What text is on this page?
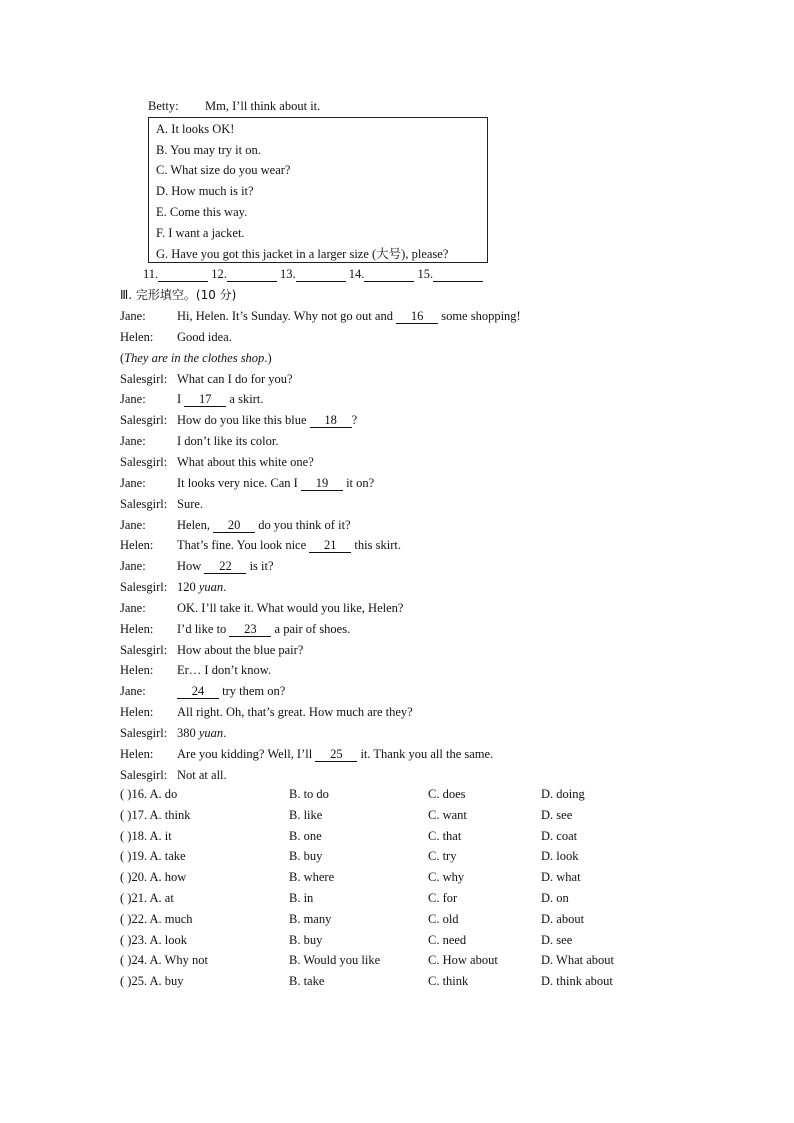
Betty: Mm, I’ll think about it.
A. It looks OK!
B. You may try it on.
C. What size do you wear?
D. How much is it?
E. Come this way.
F. I want a jacket.
G. Have you got this jacket in a larger size (大号), please?
11.	12.	13.	14.	15.
Ⅲ. 完形填空。(10 分)
Jane:	Hi, Helen. It’s Sunday. Why not go out and 16 some shopping!
Helen: Good idea.
(They are in the clothes shop.)
Salesgirl: What can I do for you?
Jane:	I 17 a skirt.
Salesgirl: How do you like this blue 18 ?
Jane:	I don’t like its color.
Salesgirl: What about this white one?
Jane:	It looks very nice. Can I 19 it on?
Salesgirl: Sure.
Jane:	Helen, 20 do you think of it?
Helen: That’s fine. You look nice 21 this skirt.
Jane:	How 22 is it?
Salesgirl: 120 yuan.
Jane:	OK. I’ll take it. What would you like, Helen?
Helen: I’d like to 23 a pair of shoes.
Salesgirl: How about the blue pair?
Helen: Er… I don’t know.
Jane:	24 try them on?
Helen: All right. Oh, that’s great. How much are they?
Salesgirl: 380 yuan.
Helen: Are you kidding? Well, I’ll 25 it. Thank you all the same.
Salesgirl: Not at all.
( )16. A. do	B. to do	C. does	D. doing
( )17. A. think	B. like	C. want	D. see
( )18. A. it	B. one	C. that	D. coat
( )19. A. take	B. buy	C. try	D. look
( )20. A. how	B. where	C. why	D. what
( )21. A. at	B. in	C. for	D. on
( )22. A. much	B. many	C. old	D. about
( )23. A. look	B. buy	C. need	D. see
( )24. A. Why not	B. Would you like	C. How about	D. What about
( )25. A. buy	B. take	C. think	D. think about
